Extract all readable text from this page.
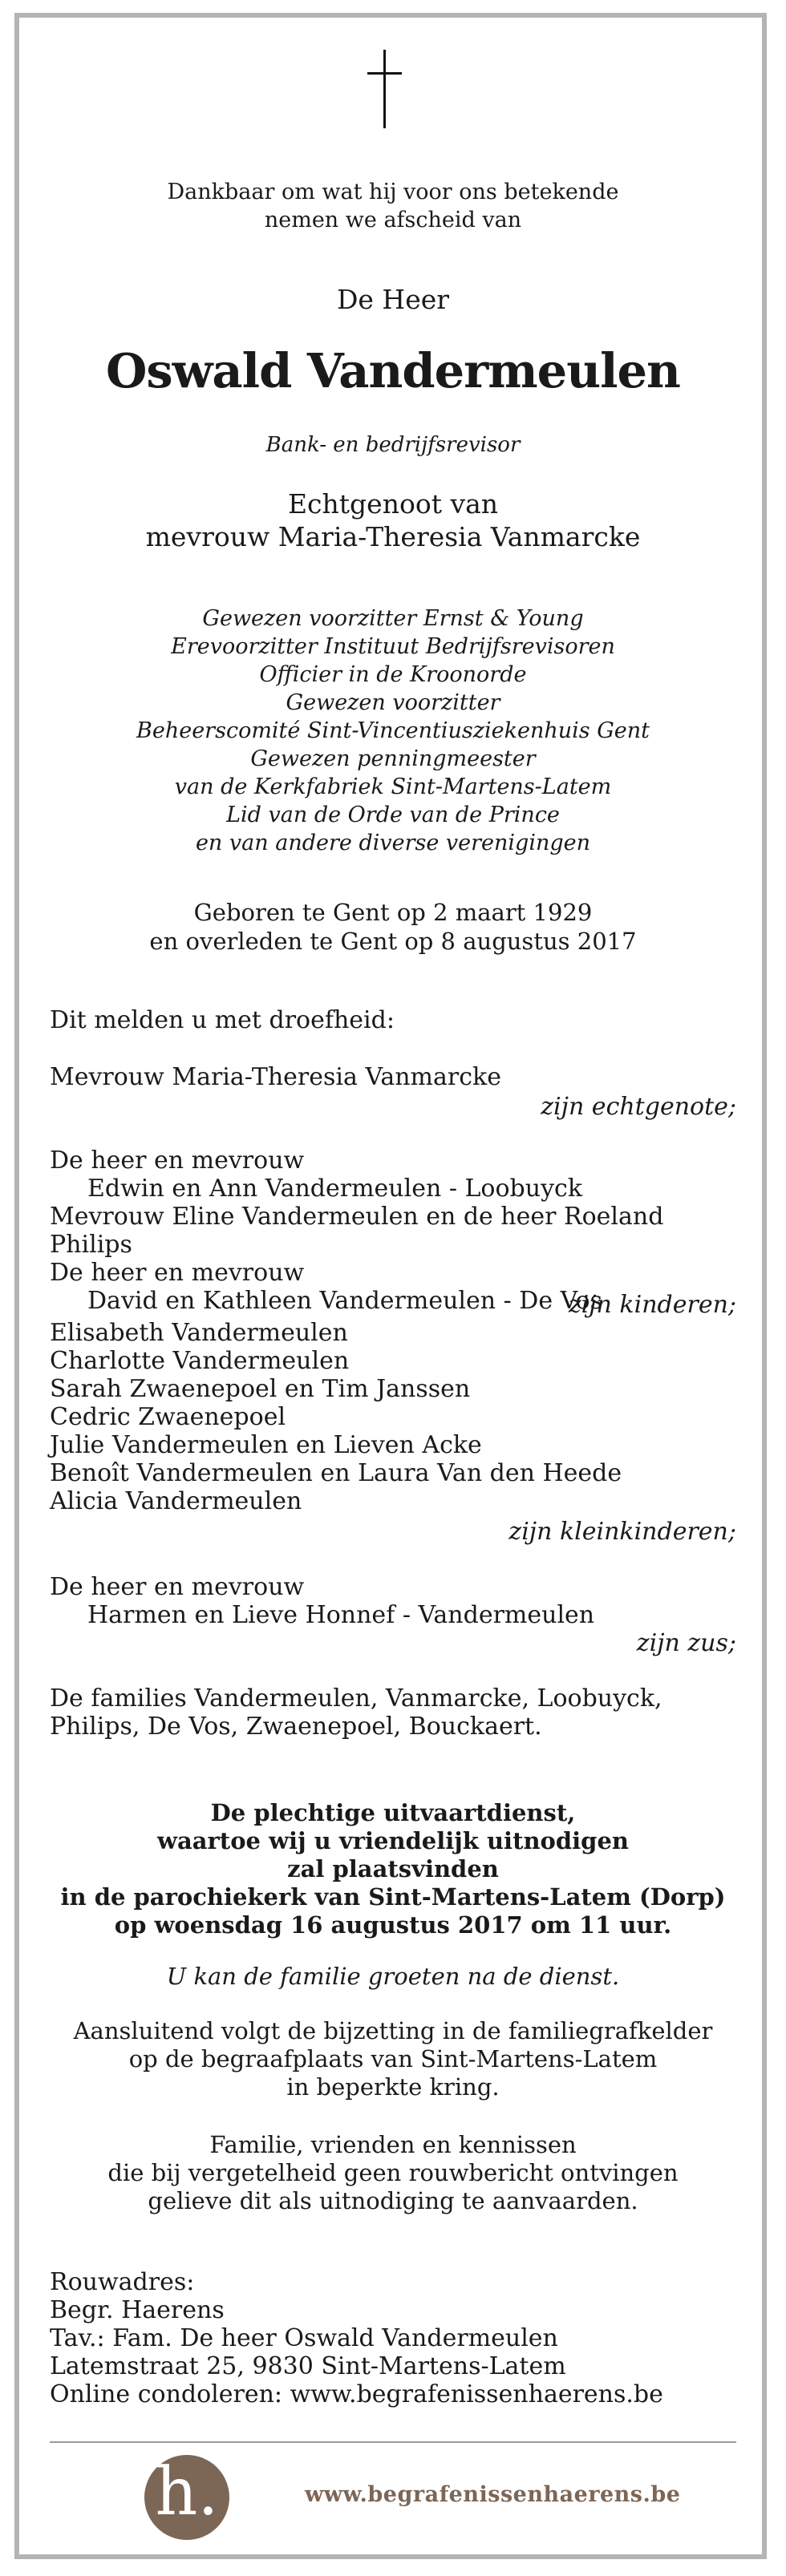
Dankbaar om wat hij voor ons betekende
nemen we afscheid van
De Heer
Oswald Vandermeulen
Bank- en bedrijfsrevisor
Echtgenoot van
mevrouw Maria-Theresia Vanmarcke
Gewezen voorzitter Ernst & Young
Erevoorzitter Instituut Bedrijfsrevisoren
Officier in de Kroonorde
Gewezen voorzitter
Beheerscomité Sint-Vincentiusziekenhuis Gent
Gewezen penningmeester
van de Kerkfabriek Sint-Martens-Latem
Lid van de Orde van de Prince
en van andere diverse verenigingen
Geboren te Gent op 2 maart 1929
en overleden te Gent op 8 augustus 2017
Dit melden u met droefheid:
Mevrouw Maria-Theresia Vanmarcke
zijn echtgenote;
De heer en mevrouw
Edwin en Ann Vandermeulen - Loobuyck
Mevrouw Eline Vandermeulen en de heer Roeland Philips
De heer en mevrouw
David en Kathleen Vandermeulen - De Vos
zijn kinderen;
Elisabeth Vandermeulen
Charlotte Vandermeulen
Sarah Zwaenepoel en Tim Janssen
Cedric Zwaenepoel
Julie Vandermeulen en Lieven Acke
Benoît Vandermeulen en Laura Van den Heede
Alicia Vandermeulen
zijn kleinkinderen;
De heer en mevrouw
Harmen en Lieve Honnef - Vandermeulen
zijn zus;
De families Vandermeulen, Vanmarcke, Loobuyck,
Philips, De Vos, Zwaenepoel, Bouckaert.
De plechtige uitvaartdienst,
waartoe wij u vriendelijk uitnodigen
zal plaatsvinden
in de parochiekerk van Sint-Martens-Latem (Dorp)
op woensdag 16 augustus 2017 om 11 uur.
U kan de familie groeten na de dienst.
Aansluitend volgt de bijzetting in de familiegrafkelder
op de begraafplaats van Sint-Martens-Latem
in beperkte kring.
Familie, vrienden en kennissen
die bij vergetelheid geen rouwbericht ontvingen
gelieve dit als uitnodiging te aanvaarden.
Rouwadres:
Begr. Haerens
Tav.: Fam. De heer Oswald Vandermeulen
Latemstraat 25, 9830 Sint-Martens-Latem
Online condoleren: www.begrafenissenhaerens.be
h.	www.begrafenissenhaerens.be
